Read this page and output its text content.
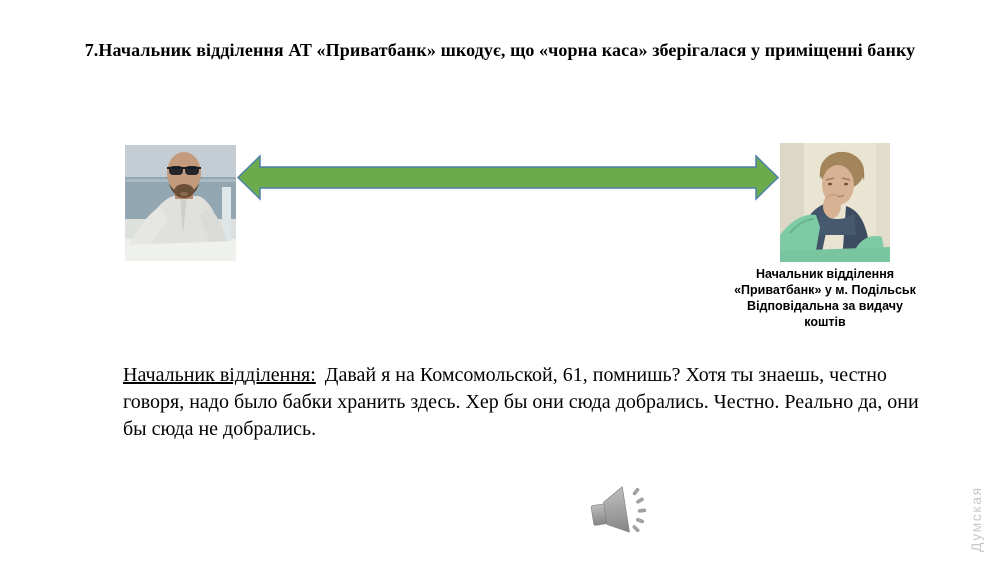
7.Начальник відділення АТ «Приватбанк» шкодує, що «чорна каса» зберігалася у приміщенні банку
Начальник відділення
«Приватбанк» у м. Подільськ
Відповідальна за видачу
коштів

Начальник відділення: Давай я на Комсомольской, 61, помнишь? Хотя ты знаешь, честно говоря, надо было бабки хранить здесь. Хер бы они сюда добрались. Честно. Реально да, они бы сюда не добрались.

Думская
